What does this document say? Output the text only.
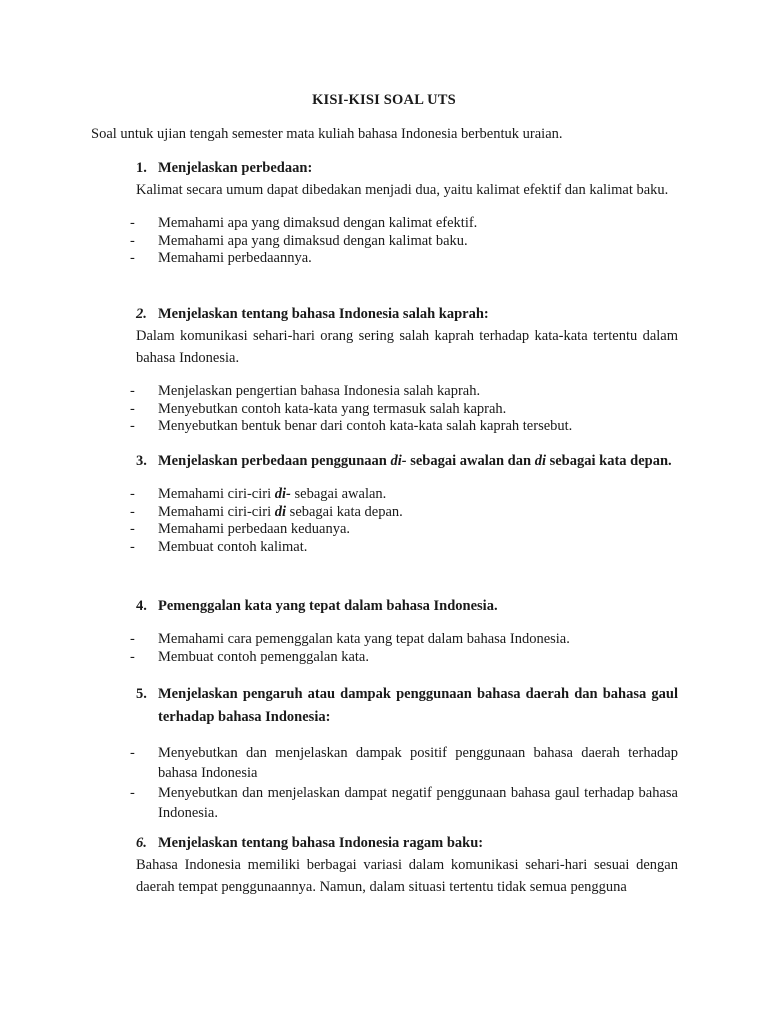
KISI-KISI SOAL UTS
Soal untuk ujian tengah semester mata kuliah bahasa Indonesia berbentuk uraian.
1. Menjelaskan perbedaan:
Kalimat secara umum dapat dibedakan menjadi dua, yaitu kalimat efektif dan kalimat baku.
-	Memahami apa yang dimaksud dengan kalimat efektif.
-	Memahami apa yang dimaksud dengan kalimat baku.
-	Memahami perbedaannya.
2. Menjelaskan tentang bahasa Indonesia salah kaprah:
Dalam komunikasi sehari-hari orang sering salah kaprah terhadap kata-kata tertentu dalam bahasa Indonesia.
-	Menjelaskan pengertian bahasa Indonesia salah kaprah.
-	Menyebutkan contoh kata-kata yang termasuk salah kaprah.
-	Menyebutkan bentuk benar dari contoh kata-kata salah kaprah tersebut.
3. Menjelaskan perbedaan penggunaan di- sebagai awalan dan di sebagai kata depan.
-	Memahami ciri-ciri di- sebagai awalan.
-	Memahami ciri-ciri di sebagai kata depan.
-	Memahami perbedaan keduanya.
-	Membuat contoh kalimat.
4. Pemenggalan kata yang tepat dalam bahasa Indonesia.
-	Memahami cara pemenggalan kata yang tepat dalam bahasa Indonesia.
-	Membuat contoh pemenggalan kata.
5. Menjelaskan pengaruh atau dampak penggunaan bahasa daerah dan bahasa gaul terhadap bahasa Indonesia:
-	Menyebutkan dan menjelaskan dampak positif penggunaan bahasa daerah terhadap bahasa Indonesia
-	Menyebutkan dan menjelaskan dampat negatif penggunaan bahasa gaul terhadap bahasa Indonesia.
6. Menjelaskan tentang bahasa Indonesia ragam baku:
Bahasa Indonesia memiliki berbagai variasi dalam komunikasi sehari-hari sesuai dengan daerah tempat penggunaannya. Namun, dalam situasi tertentu tidak semua pengguna
